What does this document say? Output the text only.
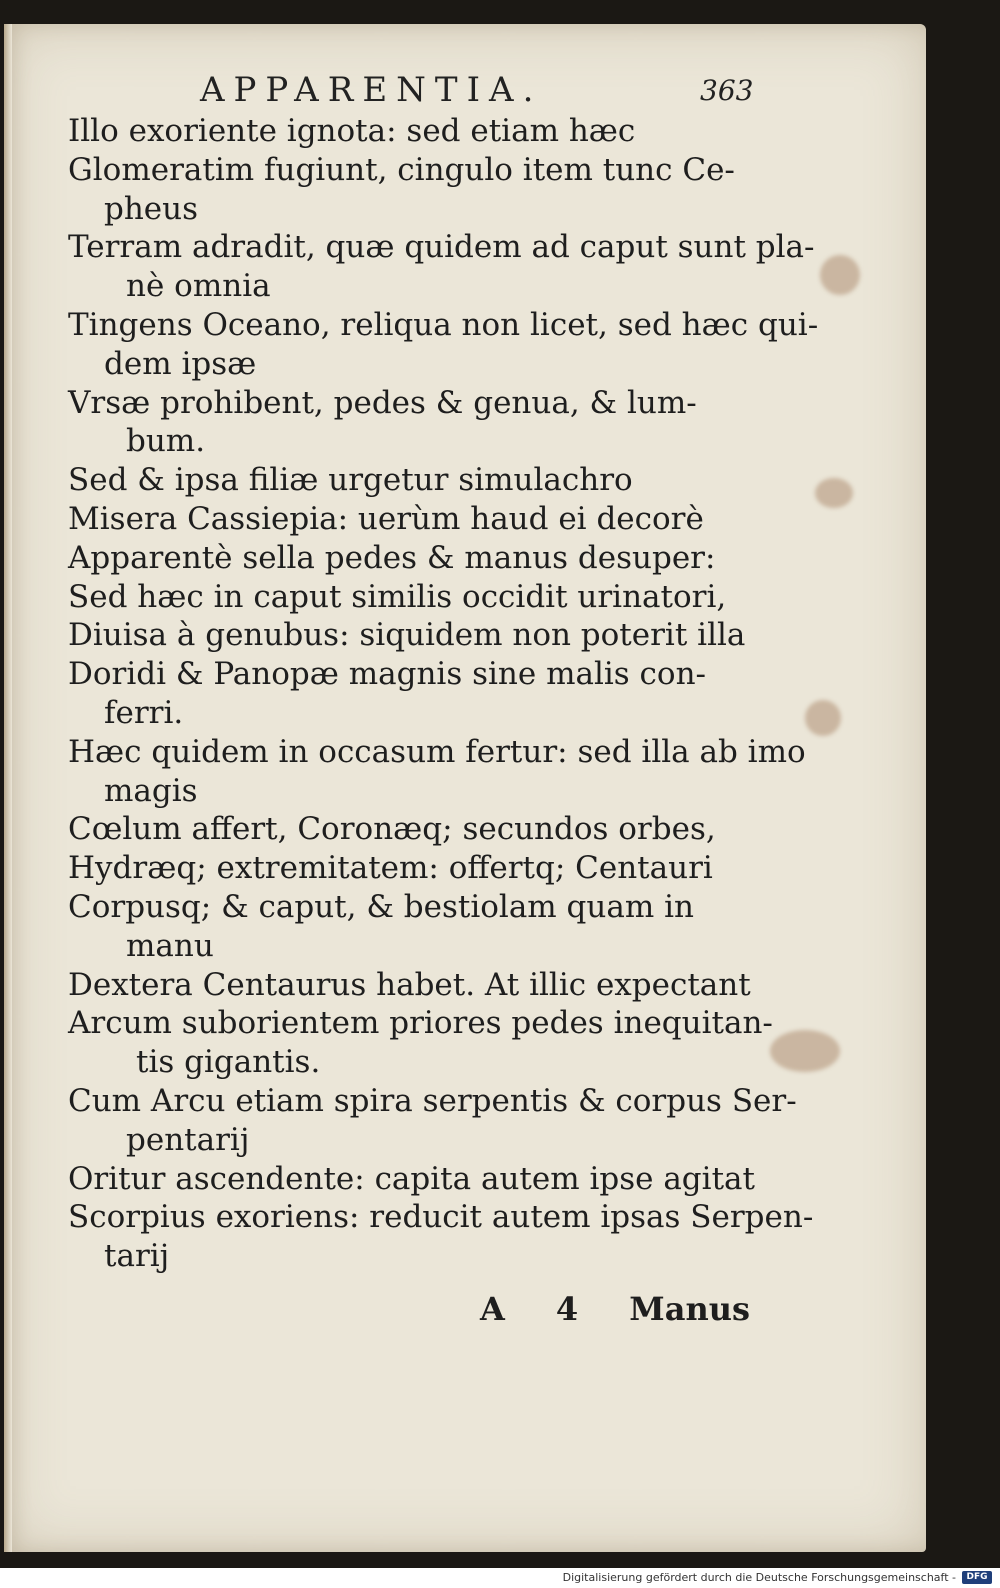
APPARENTIA.	363
Illo exoriente ignota: sed etiam hæc
Glomeratim fugiunt, cingulo item tunc Ce-
pheus
Terram adradit, quæ quidem ad caput sunt pla-
nè omnia
Tingens Oceano, reliqua non licet, sed hæc qui-
dem ipsæ
Vrsæ prohibent, pedes & genua, & lum-
bum.
Sed & ipsa filiæ urgetur simulachro
Misera Cassiepia: uerùm haud ei decorè
Apparentè sella pedes & manus desuper:
Sed hæc in caput similis occidit urinatori,
Diuisa à genubus: siquidem non poterit illa
Doridi & Panopæ magnis sine malis con-
ferri.
Hæc quidem in occasum fertur: sed illa ab imo
magis
Cœlum affert, Coronæq; secundos orbes,
Hydræq; extremitatem: offertq; Centauri
Corpusq; & caput, & bestiolam quam in
manu
Dextera Centaurus habet. At illic expectant
Arcum suborientem priores pedes inequitan-
tis gigantis.
Cum Arcu etiam spira serpentis & corpus Ser-
pentarij
Oritur ascendente: capita autem ipse agitat
Scorpius exoriens: reducit autem ipsas Serpen-
tarij
A 4 Manus
Digitalisierung gefördert durch die Deutsche Forschungsgemeinschaft -	DFG
